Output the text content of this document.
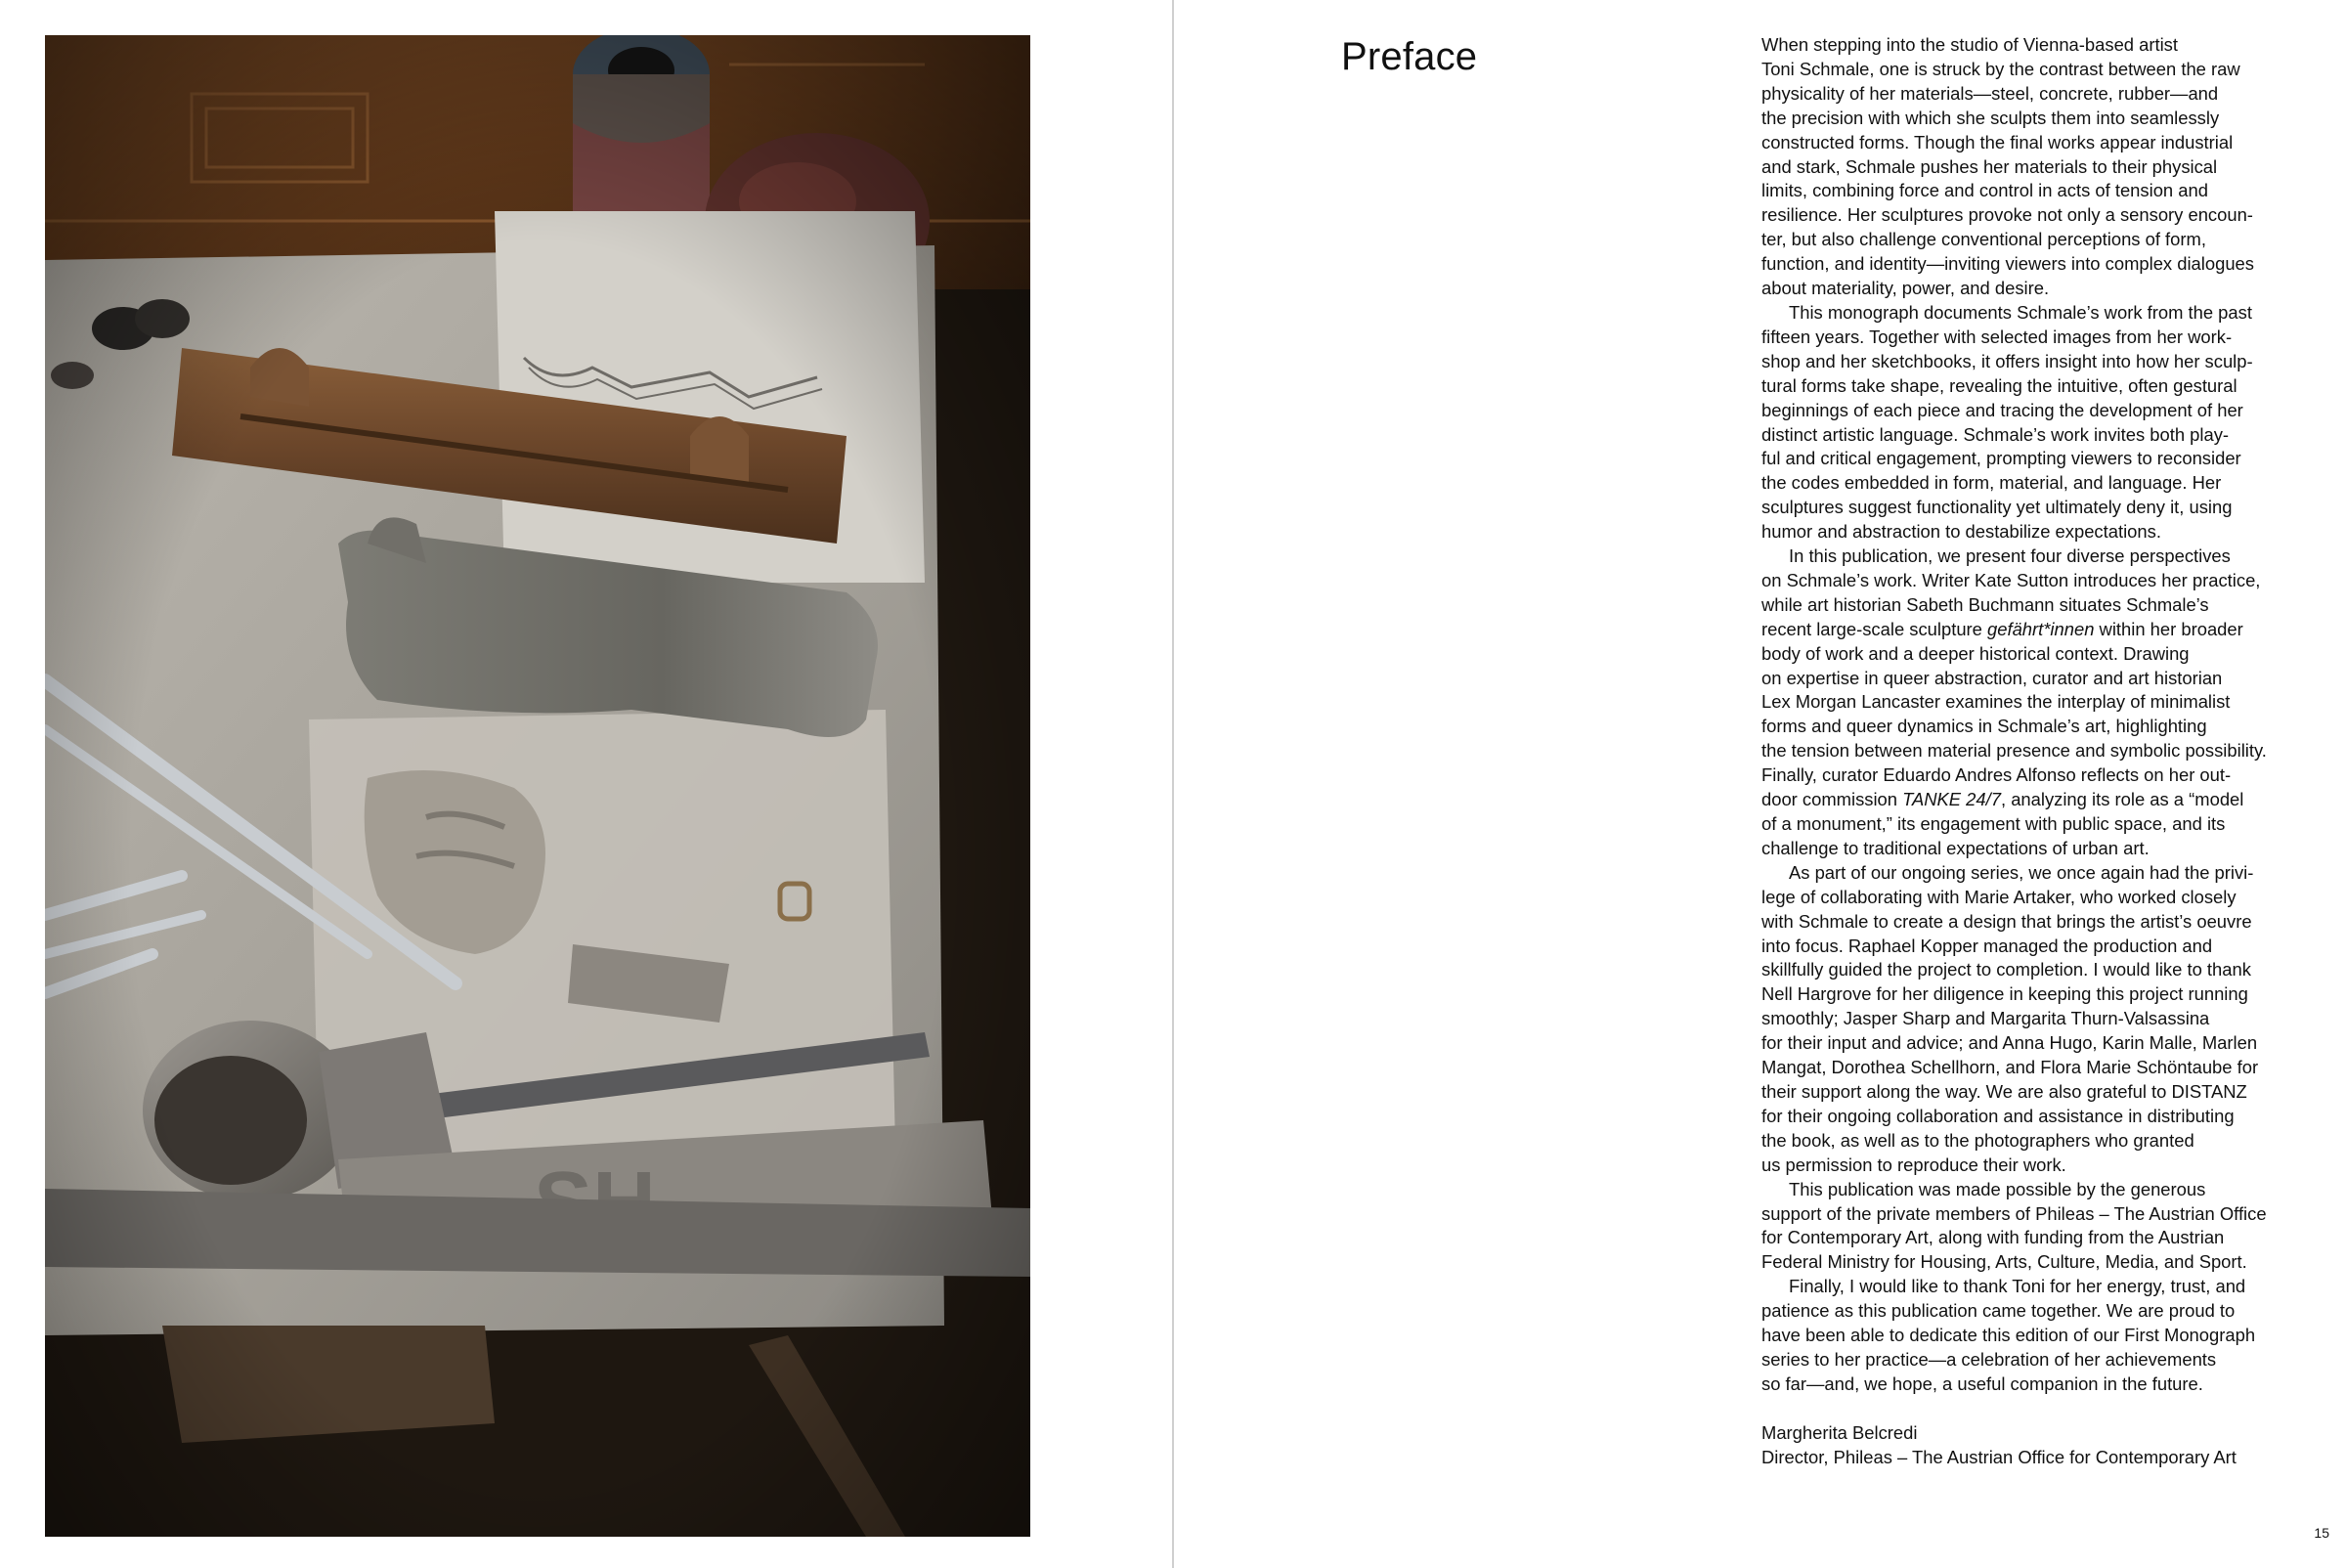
Preface	When stepping into the studio of Vienna-based artist

Toni Schmale, one is struck by the contrast between the raw

physicality of her materials—steel, concrete, rubber—and

the precision with which she sculpts them into seamlessly

constructed forms. Though the final works appear industrial

and stark, Schmale pushes her materials to their physical

limits, combining force and control in acts of tension and

resilience. Her sculptures provoke not only a sensory encoun-

ter, but also challenge conventional perceptions of form,

function, and identity—inviting viewers into complex dialogues

about materiality, power, and desire.

This monograph documents Schmale’s work from the past

fifteen years. Together with selected images from her work-

shop and her sketchbooks, it offers insight into how her sculp-

tural forms take shape, revealing the intuitive, often gestural

beginnings of each piece and tracing the development of her

distinct artistic language. Schmale’s work invites both play-

ful and critical engagement, prompting viewers to reconsider

the codes embedded in form, material, and language. Her

sculptures suggest functionality yet ultimately deny it, using

humor and abstraction to destabilize expectations.

In this publication, we present four diverse perspectives

on Schmale’s work. Writer Kate Sutton introduces her practice,

while art historian Sabeth Buchmann situates Schmale’s

recent large-scale sculpture gefährt*innen within her broader

body of work and a deeper historical context. Drawing

on expertise in queer abstraction, curator and art historian

Lex Morgan Lancaster examines the interplay of minimalist

forms and queer dynamics in Schmale’s art, highlighting

the tension between material presence and symbolic possibility.

Finally, curator Eduardo Andres Alfonso reflects on her out-

door commission TANKE 24/7, analyzing its role as a “model

of a monument,” its engagement with public space, and its

challenge to traditional expectations of urban art.

As part of our ongoing series, we once again had the privi-

lege of collaborating with Marie Artaker, who worked closely

with Schmale to create a design that brings the artist’s oeuvre

into focus. Raphael Kopper managed the production and

skillfully guided the project to completion. I would like to thank

Nell Hargrove for her diligence in keeping this project running

smoothly; Jasper Sharp and Margarita Thurn-Valsassina

for their input and advice; and Anna Hugo, Karin Malle, Marlen

Mangat, Dorothea Schellhorn, and Flora Marie Schöntaube for

their support along the way. We are also grateful to DISTANZ

for their ongoing collaboration and assistance in distributing

the book, as well as to the photographers who granted

us permission to reproduce their work.

This publication was made possible by the generous

support of the private members of Phileas – The Austrian Office

for Contemporary Art, along with funding from the Austrian

Federal Ministry for Housing, Arts, Culture, Media, and Sport.

Finally, I would like to thank Toni for her energy, trust, and

patience as this publication came together. We are proud to

have been able to dedicate this edition of our First Monograph

series to her practice—a celebration of her achievements

so far—and, we hope, a useful companion in the future.

Margherita Belcredi

Director, Phileas – The Austrian Office for Contemporary Art

15
